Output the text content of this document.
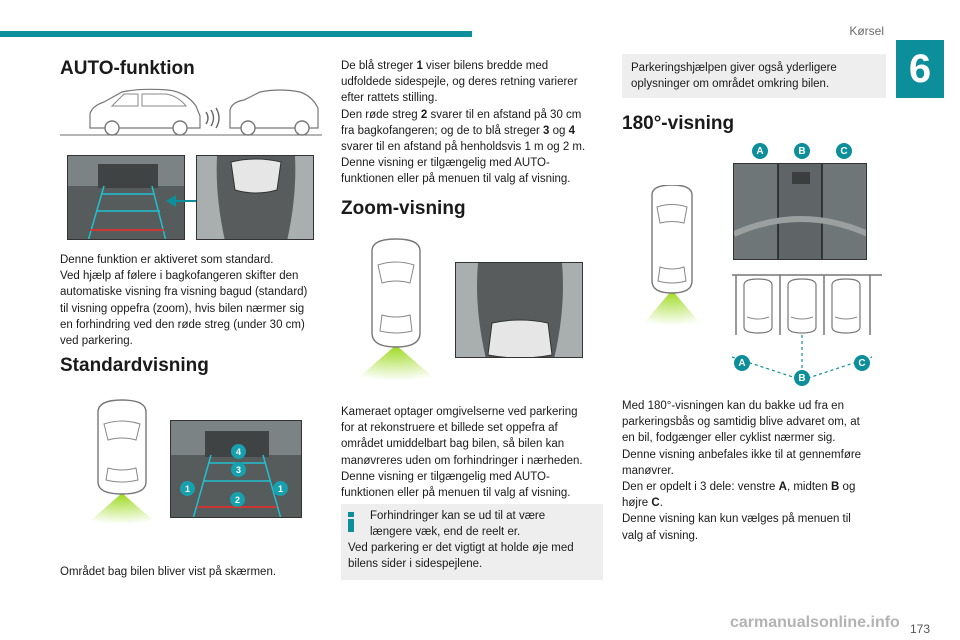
Kørsel
6
AUTO-funktion
Denne funktion er aktiveret som standard.
Ved hjælp af følere i bagkofangeren skifter den
automatiske visning fra visning bagud (standard)
til visning oppefra (zoom), hvis bilen nærmer sig
en forhindring ved den røde streg (under 30 cm)
ved parkering.
Standardvisning
4
3
1
2
1
Området bag bilen bliver vist på skærmen.
De blå streger 1 viser bilens bredde med
udfoldede sidespejle, og deres retning varierer
efter rattets stilling.
Den røde streg 2 svarer til en afstand på 30 cm
fra bagkofangeren; og de to blå streger 3 og 4
svarer til en afstand på henholdsvis 1 m og 2 m.
Denne visning er tilgængelig med AUTO-
funktionen eller på menuen til valg af visning.
Zoom-visning
Kameraet optager omgivelserne ved parkering
for at rekonstruere et billede set oppefra af
området umiddelbart bag bilen, så bilen kan
manøvreres uden om forhindringer i nærheden.
Denne visning er tilgængelig med AUTO-
funktionen eller på menuen til valg af visning.
Forhindringer kan se ud til at være
længere væk, end de reelt er.
Ved parkering er det vigtigt at holde øje med
bilens sider i sidespejlene.
Parkeringshjælpen giver også yderligere
oplysninger om området omkring bilen.
180°-visning
A	B	C
A
B
C
Med 180°-visningen kan du bakke ud fra en
parkeringsbås og samtidig blive advaret om, at
en bil, fodgænger eller cyklist nærmer sig.
Denne visning anbefales ikke til at gennemføre
manøvrer.
Den er opdelt i 3 dele: venstre A, midten B og
højre C.
Denne visning kan kun vælges på menuen til
valg af visning.
173
carmanualsonline.info
